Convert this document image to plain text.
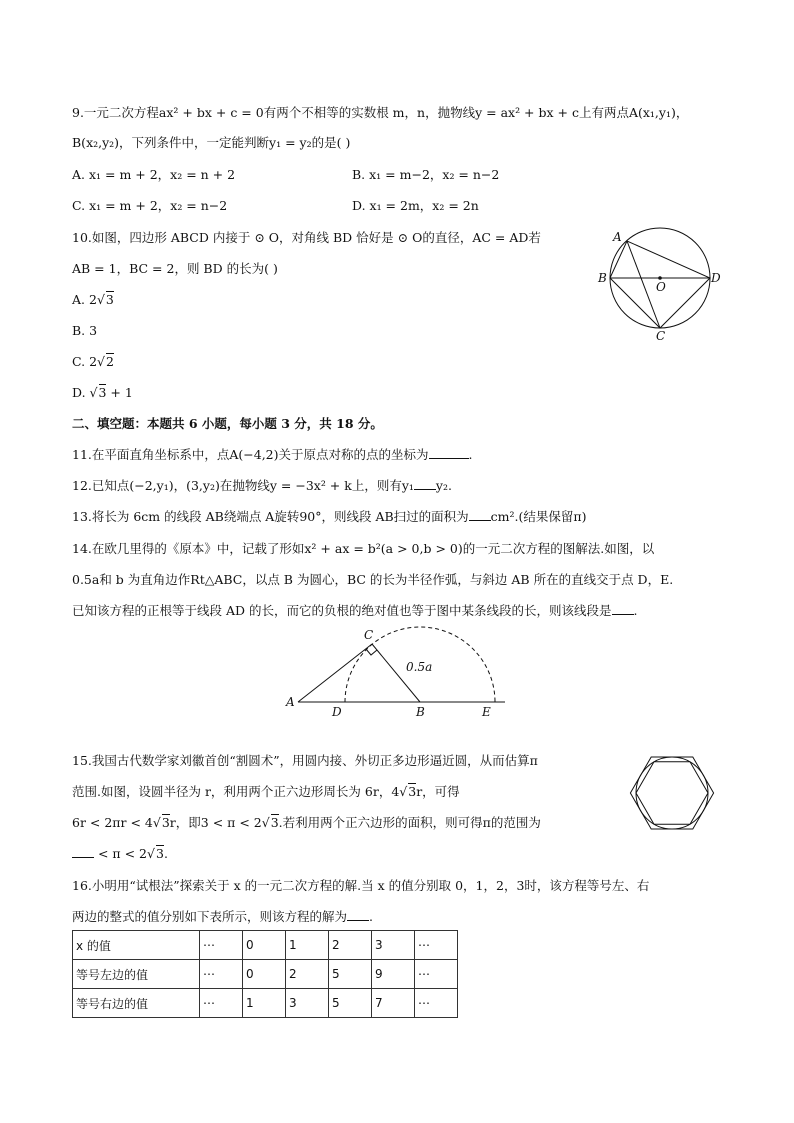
9.一元二次方程ax² + bx + c = 0有两个不相等的实数根 m，n，抛物线y = ax² + bx + c上有两点A(x₁,y₁)，
B(x₂,y₂)，下列条件中，一定能判断y₁ = y₂的是( )
A. x₁ = m + 2，x₂ = n + 2	B. x₁ = m−2，x₂ = n−2
C. x₁ = m + 2，x₂ = n−2	D. x₁ = 2m，x₂ = 2n
10.如图，四边形 ABCD 内接于 ⊙ O，对角线 BD 恰好是 ⊙ O的直径，AC = AD若
AB = 1，BC = 2，则 BD 的长为( )
A. 2√3
B. 3
C. 2√2
D. √3 + 1
A
B
C
D
O
二、填空题：本题共 6 小题，每小题 3 分，共 18 分。
11.在平面直角坐标系中，点A(−4,2)关于原点对称的点的坐标为	.
12.已知点(−2,y₁)，(3,y₂)在抛物线y = −3x² + k上，则有y₁ y₂.
13.将长为 6cm 的线段 AB绕端点 A旋转90°，则线段 AB扫过的面积为 cm².(结果保留π)
14.在欧几里得的《原本》中，记载了形如x² + ax = b²(a > 0,b > 0)的一元二次方程的图解法.如图，以
0.5a和 b 为直角边作Rt△ABC，以点 B 为圆心，BC 的长为半径作弧，与斜边 AB 所在的直线交于点 D，E.
已知该方程的正根等于线段 AD 的长，而它的负根的绝对值也等于图中某条线段的长，则该线段是 .
A
D	B	E
C
0.5a
15.我国古代数学家刘徽首创“割圆术”，用圆内接、外切正多边形逼近圆，从而估算π
范围.如图，设圆半径为 r，利用两个正六边形周长为 6r，4√3r，可得
6r < 2πr < 4√3r，即3 < π < 2√3.若利用两个正六边形的面积，则可得π的范围为
< π < 2√3.
16.小明用“试根法”探索关于 x 的一元二次方程的解.当 x 的值分别取 0，1，2，3时，该方程等号左、右
两边的整式的值分别如下表所示，则该方程的解为 .
x 的值	⋯	0	1	2	3	⋯
等号左边的值	⋯	0	2	5	9	⋯
等号右边的值	⋯	1	3	5	7	⋯
